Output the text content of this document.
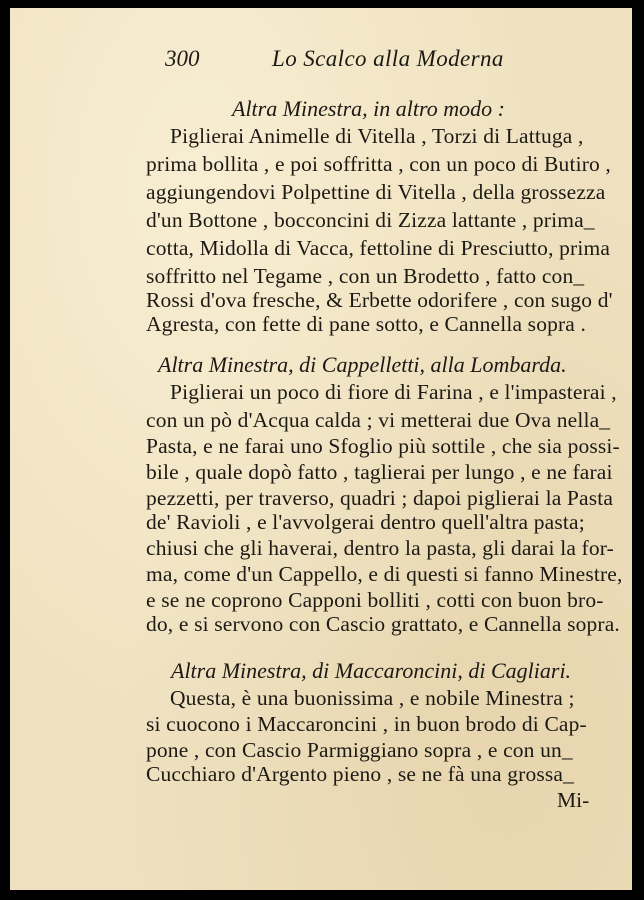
300	Lo Scalco alla Moderna
Altra Minestra, in altro modo :
Piglierai Animelle di Vitella , Torzi di Lattuga ,
prima bollita , e poi soffritta , con un poco di Butiro ,
aggiungendovi Polpettine di Vitella , della grossezza
d'un Bottone , bocconcini di Zizza lattante , prima_
cotta, Midolla di Vacca, fettoline di Presciutto, prima
soffritto nel Tegame , con un Brodetto , fatto con_
Rossi d'ova fresche, & Erbette odorifere , con sugo d'
Agresta, con fette di pane sotto, e Cannella sopra .
Altra Minestra, di Cappelletti, alla Lombarda.
Piglierai un poco di fiore di Farina , e l'impasterai ,
con un pò d'Acqua calda ; vi metterai due Ova nella_
Pasta, e ne farai uno Sfoglio più sottile , che sia possi-
bile , quale dopò fatto , taglierai per lungo , e ne farai
pezzetti, per traverso, quadri ; dapoi piglierai la Pasta
de' Ravioli , e l'avvolgerai dentro quell'altra pasta;
chiusi che gli haverai, dentro la pasta, gli darai la for-
ma, come d'un Cappello, e di questi si fanno Minestre,
e se ne coprono Capponi bolliti , cotti con buon bro-
do, e si servono con Cascio grattato, e Cannella sopra.
Altra Minestra, di Maccaroncini, di Cagliari.
Questa, è una buonissima , e nobile Minestra ;
si cuocono i Maccaroncini , in buon brodo di Cap-
pone , con Cascio Parmiggiano sopra , e con un_
Cucchiaro d'Argento pieno , se ne fà una grossa_
Mi-
